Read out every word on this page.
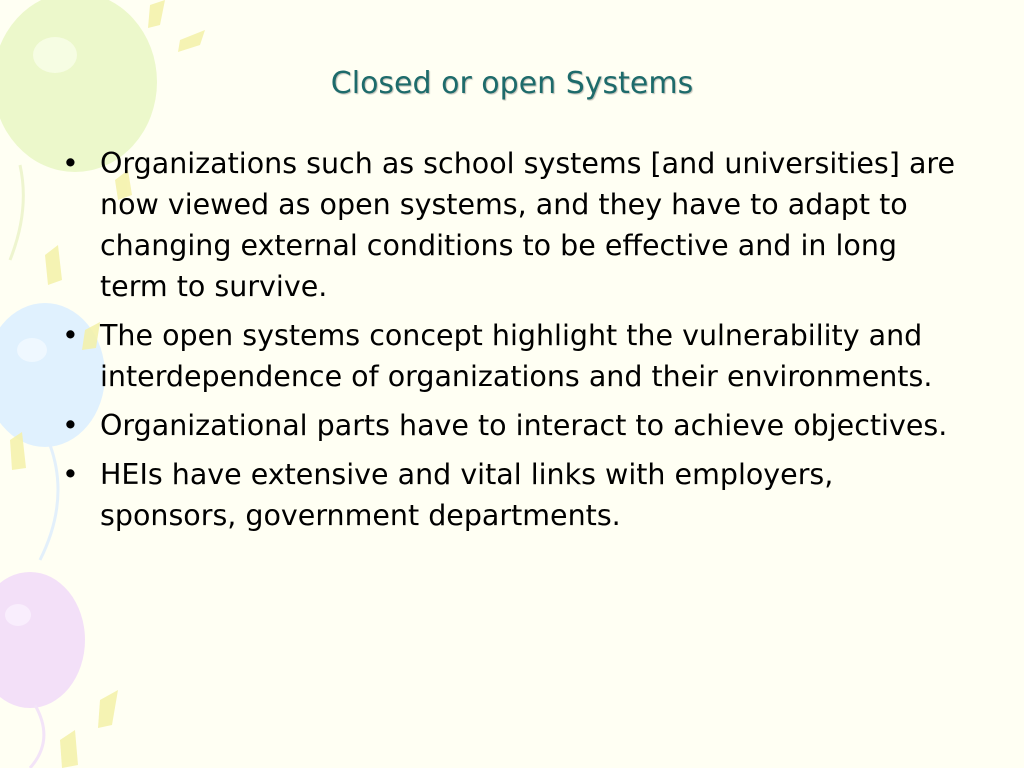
Closed or open Systems
• Organizations such as school systems [and universities] are now viewed as open systems, and they have to adapt to changing external conditions to be effective and in long term to survive.
• The open systems concept highlight the vulnerability and interdependence of organizations and their environments.
• Organizational parts have to interact to achieve objectives.
• HEIs have extensive and vital links with employers, sponsors, government departments.
